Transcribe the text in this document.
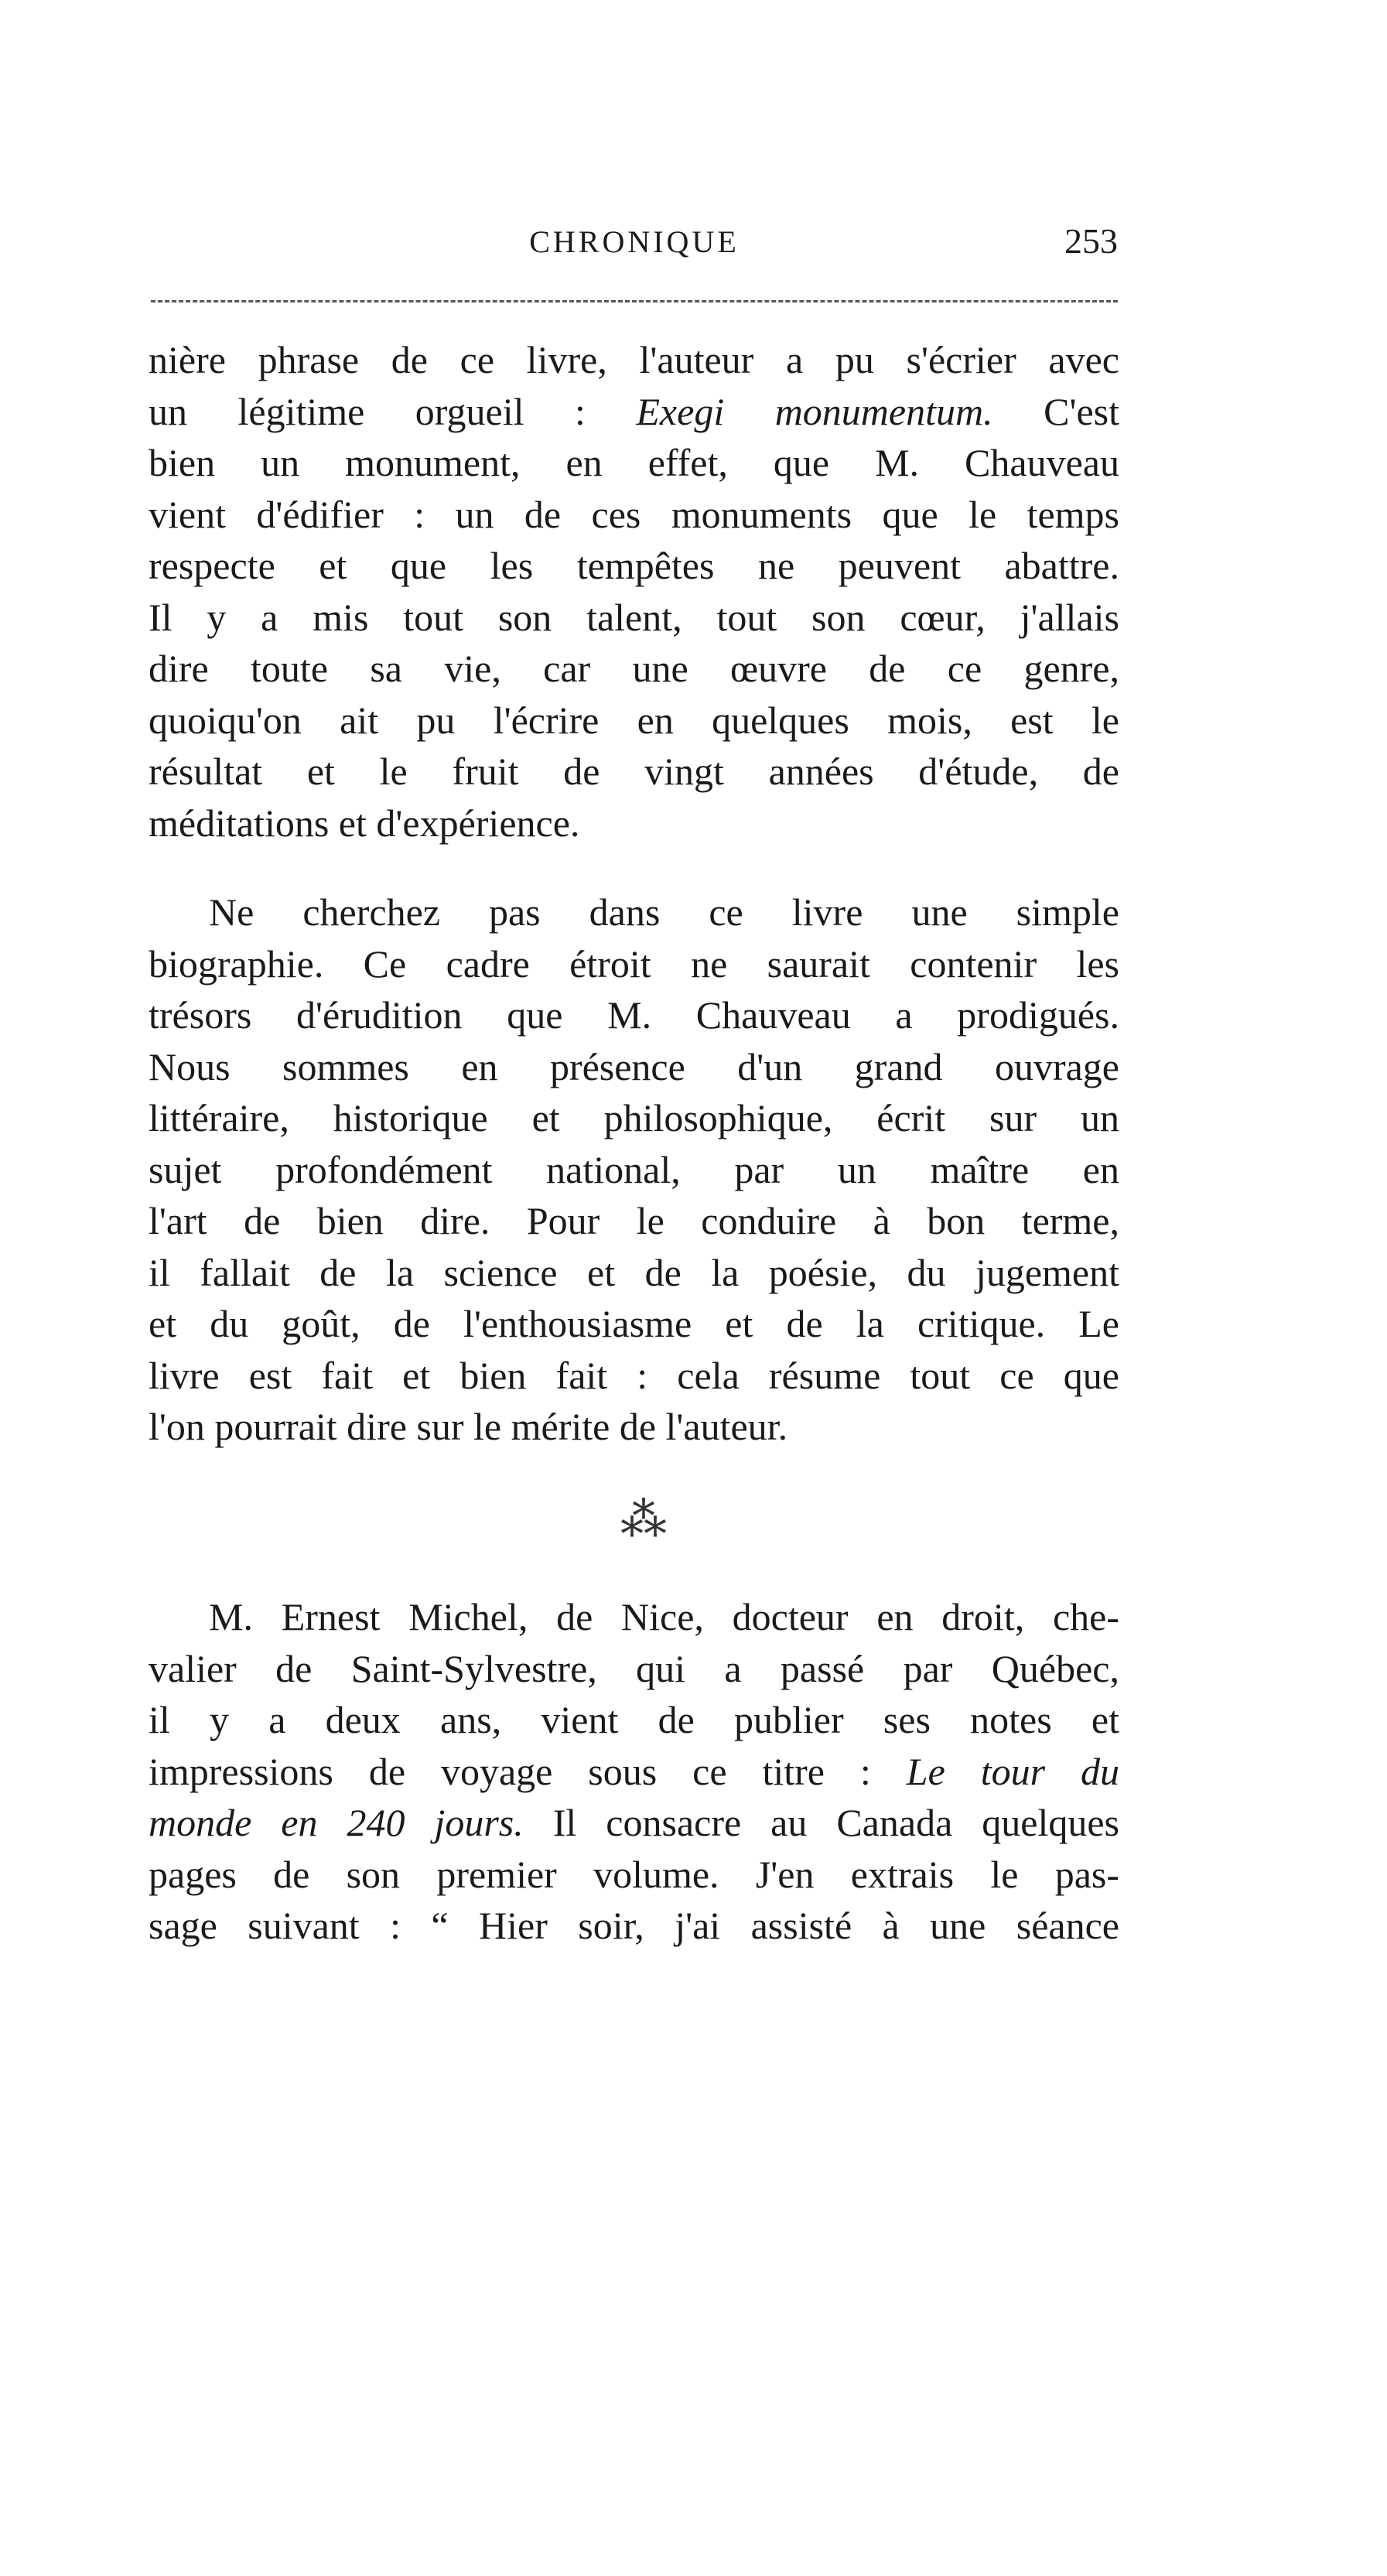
CHRONIQUE	253
nière phrase de ce livre, l'auteur a pu s'écrier avec
un légitime orgueil : Exegi monumentum. C'est
bien un monument, en effet, que M. Chauveau
vient d'édifier : un de ces monuments que le temps
respecte et que les tempêtes ne peuvent abattre.
Il y a mis tout son talent, tout son cœur, j'allais
dire toute sa vie, car une œuvre de ce genre,
quoiqu'on ait pu l'écrire en quelques mois, est le
résultat et le fruit de vingt années d'étude, de
méditations et d'expérience.
Ne cherchez pas dans ce livre une simple
biographie. Ce cadre étroit ne saurait contenir les
trésors d'érudition que M. Chauveau a prodigués.
Nous sommes en présence d'un grand ouvrage
littéraire, historique et philosophique, écrit sur un
sujet profondément national, par un maître en
l'art de bien dire. Pour le conduire à bon terme,
il fallait de la science et de la poésie, du jugement
et du goût, de l'enthousiasme et de la critique. Le
livre est fait et bien fait : cela résume tout ce que
l'on pourrait dire sur le mérite de l'auteur.
⁂
M. Ernest Michel, de Nice, docteur en droit, che-
valier de Saint-Sylvestre, qui a passé par Québec,
il y a deux ans, vient de publier ses notes et
impressions de voyage sous ce titre : Le tour du
monde en 240 jours. Il consacre au Canada quelques
pages de son premier volume. J'en extrais le pas-
sage suivant : “ Hier soir, j'ai assisté à une séance
